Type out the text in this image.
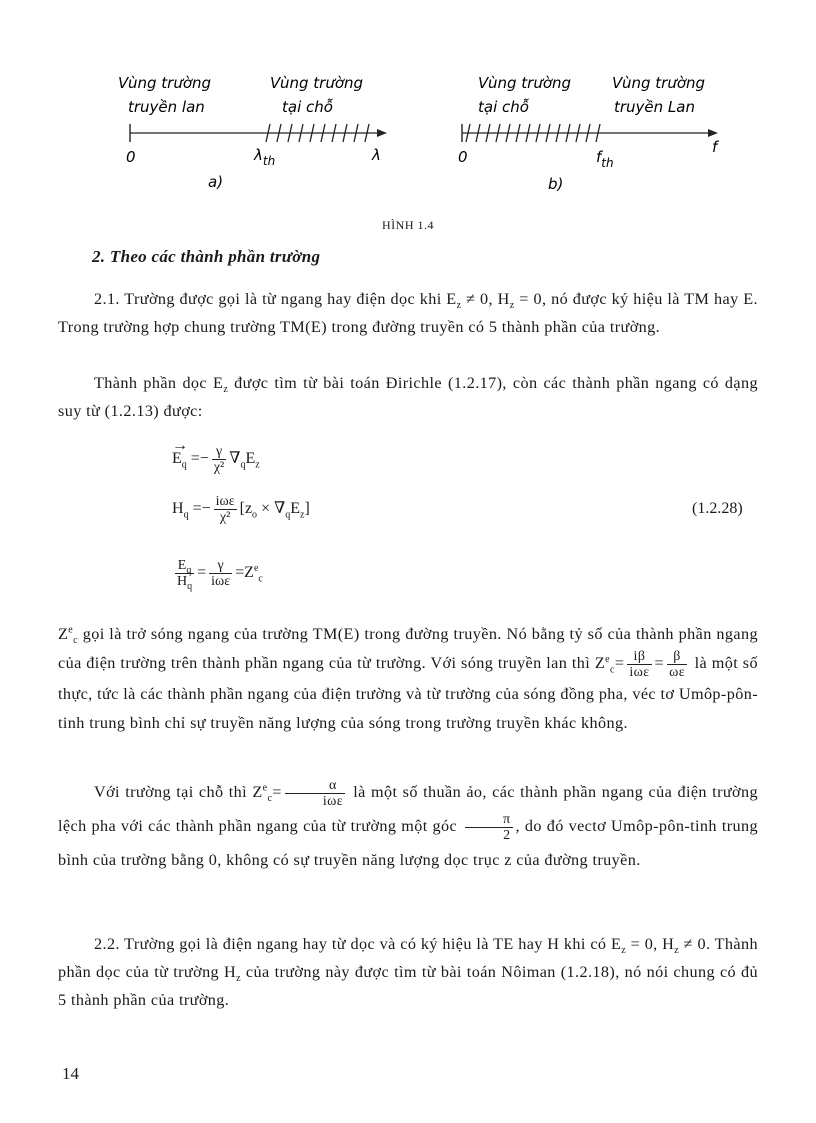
Vùng trường
truyền lan
Vùng trường
tại chỗ
0	$\lambda_{th}$	λ
a)
Vùng trường
tại chỗ
Vùng trường
truyền Lan
0	$f_{th}$
f
b)
HÌNH 1.4
2. Theo các thành phần trường

2.1. Trường được gọi là từ ngang hay điện dọc khi $E_z \ne 0$, $H_z = 0$, nó được ký hiệu là TM hay E. Trong trường hợp chung trường TM(E) trong đường truyền có 5 thành phần của trường.

Thành phần dọc $E_z$ được tìm từ bài toán Đirichle (1.2.17), còn các thành phần ngang có dạng suy từ (1.2.13) được:

→

$E_q =- \frac{\gamma}{\text{χ²}} \nabla_qE_z$
$H_q =- \frac{\text{iωε}}{\text{χ²}} [z_o \times \nabla_qE_z]$	(1.2.28)
$\frac{E_q}{H_q} = \frac{\gamma}{\text{iωε}} =Z^e_c$

$Z^e_c$ gọi là trở sóng ngang của trường TM(E) trong đường truyền. Nó bằng tỷ số của thành phần ngang của điện trường trên thành phần ngang của từ trường. Với sóng truyền lan thì $Z^e_c= \frac{i\beta}{\text{iωε}} = \frac{\beta}{\omega\varepsilon}$ là một số thực, tức là các thành phần ngang của điện trường và từ trường của sóng đồng pha, véc tơ Umôp-pôn-tinh trung bình chỉ sự truyền năng lượng của sóng trong trường truyền khác không.

Với trường tại chỗ thì $Z^e_c= \frac{\alpha}{\text{iωε}}$ là một số thuần ảo, các thành phần ngang của điện trường lệch pha với các thành phần ngang của từ trường một góc $\frac{\pi}{2}$ , do đó vectơ Umôp-pôn-tinh trung bình của trường bằng 0, không có sự truyền năng lượng dọc trục z của đường truyền.

2.2. Trường gọi là điện ngang hay từ dọc và có ký hiệu là TE hay H khi có $E_z = 0$, $H_z \ne 0$. Thành phần dọc của từ trường $H_z$ của trường này được tìm từ bài toán Nôiman (1.2.18), nó nói chung có đủ 5 thành phần của trường.

14
